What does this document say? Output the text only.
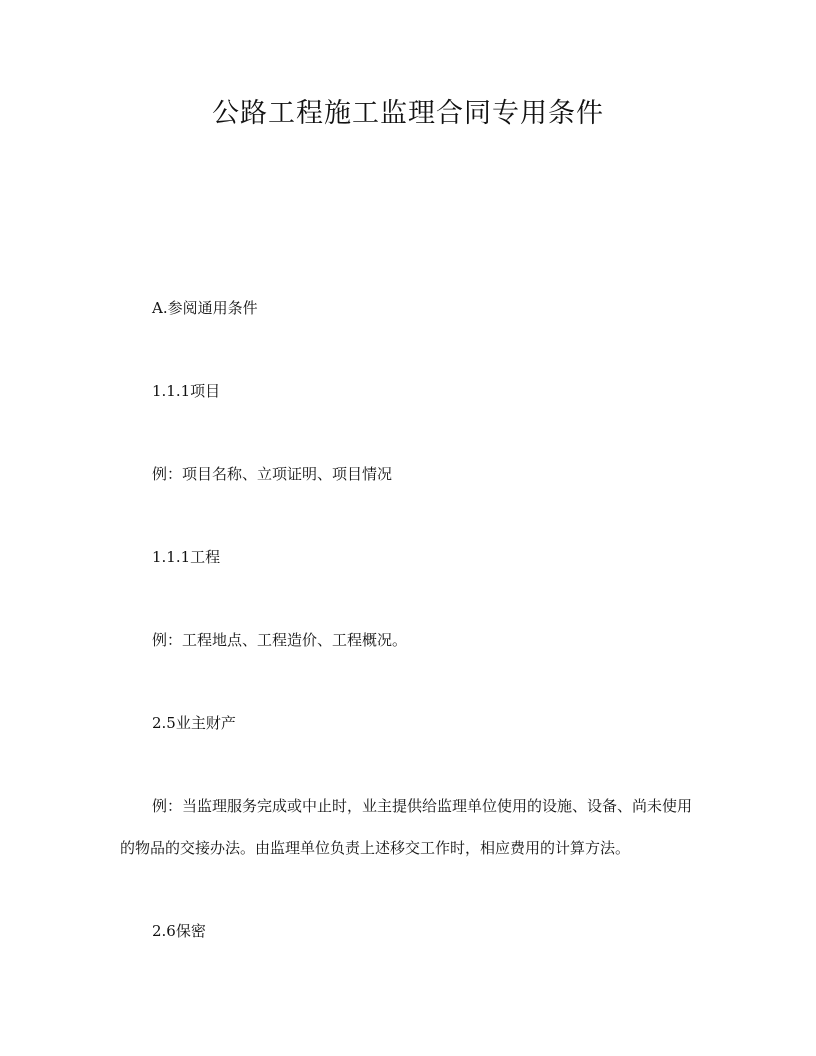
公路工程施工监理合同专用条件

A.参阅通用条件

1.1.1项目

例：项目名称、立项证明、项目情况

1.1.1工程

例：工程地点、工程造价、工程概况。

2.5业主财产

例：当监理服务完成或中止时，业主提供给监理单位使用的设施、设备、尚未使用的物品的交接办法。由监理单位负责上述移交工作时，相应费用的计算方法。

2.6保密
